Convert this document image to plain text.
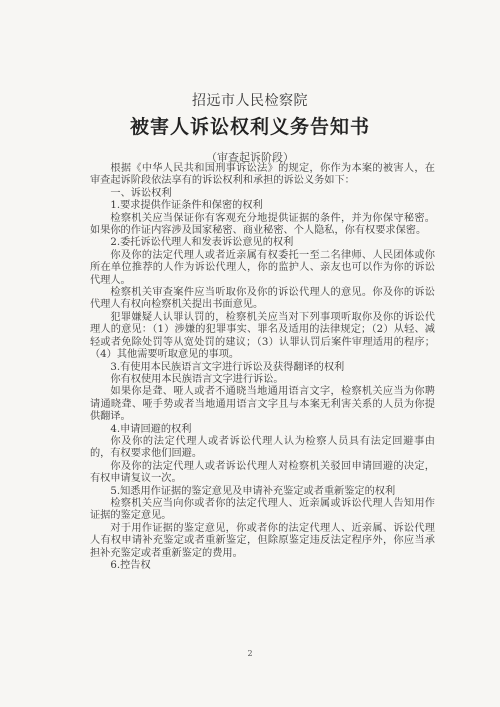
招远市人民检察院
被害人诉讼权利义务告知书
（审查起诉阶段）

根据《中华人民共和国刑事诉讼法》的规定，你作为本案的被害人，在审查起诉阶段依法享有的诉讼权利和承担的诉讼义务如下：

一、诉讼权利

1.要求提供作证条件和保密的权利

检察机关应当保证你有客观充分地提供证据的条件，并为你保守秘密。如果你的作证内容涉及国家秘密、商业秘密、个人隐私，你有权要求保密。

2.委托诉讼代理人和发表诉讼意见的权利

你及你的法定代理人或者近亲属有权委托一至二名律师、人民团体或你所在单位推荐的人作为诉讼代理人，你的监护人、亲友也可以作为你的诉讼代理人。

检察机关审查案件应当听取你及你的诉讼代理人的意见。你及你的诉讼代理人有权向检察机关提出书面意见。

犯罪嫌疑人认罪认罚的，检察机关应当对下列事项听取你及你的诉讼代理人的意见：（1）涉嫌的犯罪事实、罪名及适用的法律规定；（2）从轻、减轻或者免除处罚等从宽处罚的建议；（3）认罪认罚后案件审理适用的程序；（4）其他需要听取意见的事项。

3.有使用本民族语言文字进行诉讼及获得翻译的权利

你有权使用本民族语言文字进行诉讼。

如果你是聋、哑人或者不通晓当地通用语言文字，检察机关应当为你聘请通晓聋、哑手势或者当地通用语言文字且与本案无利害关系的人员为你提供翻译。

4.申请回避的权利

你及你的法定代理人或者诉讼代理人认为检察人员具有法定回避事由的，有权要求他们回避。

你及你的法定代理人或者诉讼代理人对检察机关驳回申请回避的决定，有权申请复议一次。

5.知悉用作证据的鉴定意见及申请补充鉴定或者重新鉴定的权利

检察机关应当向你或者你的法定代理人、近亲属或诉讼代理人告知用作证据的鉴定意见。

对于用作证据的鉴定意见，你或者你的法定代理人、近亲属、诉讼代理人有权申请补充鉴定或者重新鉴定，但除原鉴定违反法定程序外，你应当承担补充鉴定或者重新鉴定的费用。

6.控告权

2
